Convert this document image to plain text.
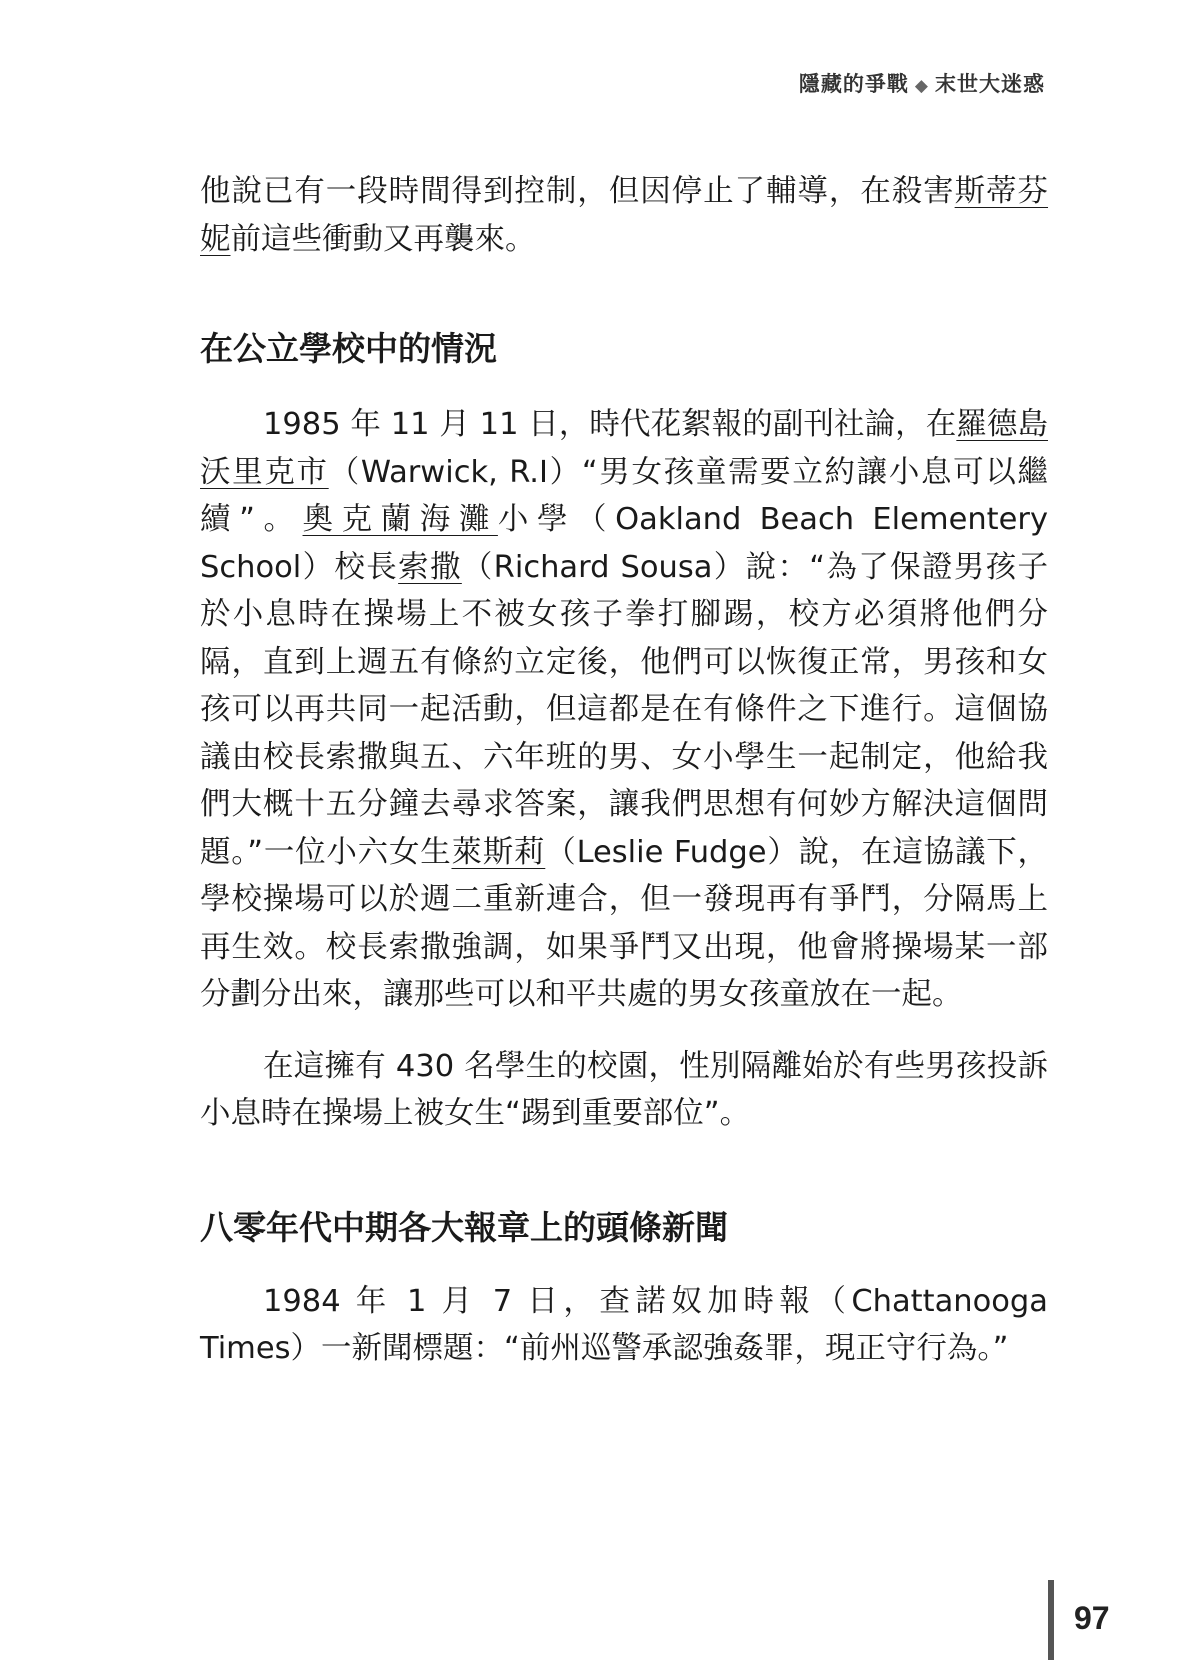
隱藏的爭戰 ◆ 末世大迷惑

他說已有一段時間得到控制，但因停止了輔導，在殺害斯蒂芬妮前這些衝動又再襲來。

在公立學校中的情況

1985 年 11 月 11 日，時代花絮報的副刊社論，在羅德島沃里克市（Warwick, R.I）“男女孩童需要立約讓小息可以繼續”。奧克蘭海灘小學（Oakland Beach Elementery School）校長索撒（Richard Sousa）說：“為了保證男孩子於小息時在操場上不被女孩子拳打腳踢，校方必須將他們分隔，直到上週五有條約立定後，他們可以恢復正常，男孩和女孩可以再共同一起活動，但這都是在有條件之下進行。這個協議由校長索撒與五、六年班的男、女小學生一起制定，他給我們大概十五分鐘去尋求答案，讓我們思想有何妙方解決這個問題。”一位小六女生萊斯莉（Leslie Fudge）說，在這協議下，學校操場可以於週二重新連合，但一發現再有爭鬥，分隔馬上再生效。校長索撒強調，如果爭鬥又出現，他會將操場某一部分劃分出來，讓那些可以和平共處的男女孩童放在一起。

在這擁有 430 名學生的校園，性別隔離始於有些男孩投訴小息時在操場上被女生“踢到重要部位”。

八零年代中期各大報章上的頭條新聞

1984 年 1 月 7 日，查諾奴加時報（Chattanooga Times）一新聞標題：“前州巡警承認強姦罪，現正守行為。”

97
